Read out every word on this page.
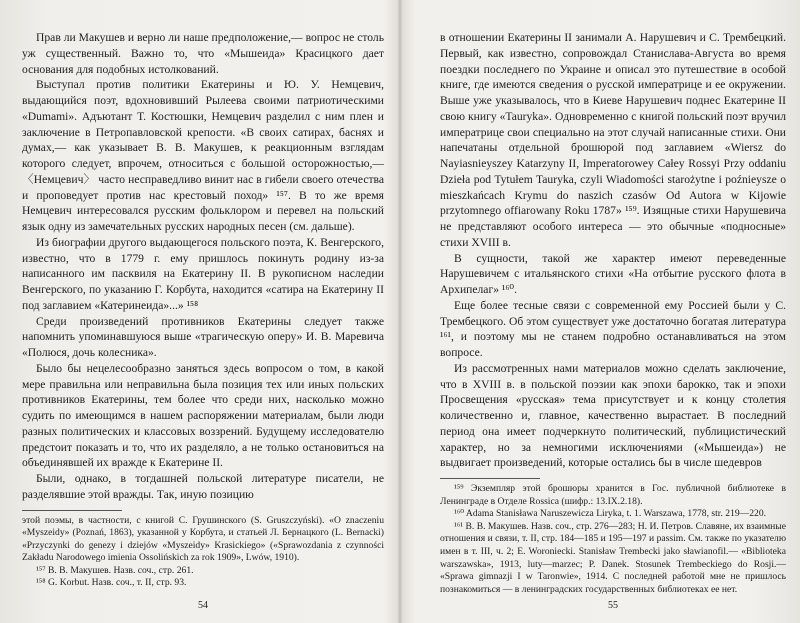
Прав ли Макушев и верно ли наше предположение,— вопрос не столь уж существенный. Важно то, что «Мышеида» Красицкого дает основания для подобных истолкований.

Выступал против политики Екатерины и Ю. У. Немцевич, выдающийся поэт, вдохновивший Рылеева своими патриотическими «Dumami». Адъютант Т. Костюшки, Немцевич разделил с ним плен и заключение в Петропавловской крепости. «В своих сатирах, баснях и думах,— как указывает В. В. Макушев, к реакционным взглядам которого следует, впрочем, относиться с большой осторожностью,—〈Немцевич〉 часто несправедливо винит нас в гибели своего отечества и проповедует против нас крестовый поход» ¹⁵⁷. В то же время Немцевич интересовался русским фольклором и перевел на польский язык одну из замечательных русских народных песен (см. дальше).

Из биографии другого выдающегося польского поэта, К. Венгерского, известно, что в 1779 г. ему пришлось покинуть родину из-за написанного им пасквиля на Екатерину II. В рукописном наследии Венгерского, по указанию Г. Корбута, находится «сатира на Екатерину II под заглавием «Катеринеида»...» ¹⁵⁸

Среди произведений противников Екатерины следует также напомнить упоминавшуюся выше «трагическую оперу» И. В. Маревича «Полюся, дочь колесника».

Было бы нецелесообразно заняться здесь вопросом о том, в какой мере правильна или неправильна была позиция тех или иных польских противников Екатерины, тем более что среди них, насколько можно судить по имеющимся в нашем распоряжении материалам, были люди разных политических и классовых воззрений. Будущему исследователю предстоит показать и то, что их разделяло, а не только остановиться на объединявшей их вражде к Екатерине II.

Были, однако, в тогдашней польской литературе писатели, не разделявшие этой вражды. Так, иную позицию

этой поэмы, в частности, с книгой С. Грушинского (S. Gruszczyński). «O znaczeniu «Myszeidy» (Poznań, 1863), указанной у Корбута, и статьей Л. Бернацкого (L. Bernacki) «Przyczynki do genezy i dziejów «Myszeidy» Krasickiego» («Sprawozdania z czynności Zakładu Narodowego imienia Ossolińskich za rok 1909», Lwów, 1910).

¹⁵⁷ В. В. Макушев. Назв. соч., стр. 261.

¹⁵⁸ G. Korbut. Назв. соч., т. II, стр. 93.

54

в отношении Екатерины II занимали А. Нарушевич и С. Трембецкий. Первый, как известно, сопровождал Станислава-Августа во время поездки последнего по Украине и описал это путешествие в особой книге, где имеются сведения о русской императрице и ее окружении. Выше уже указывалось, что в Киеве Нарушевич поднес Екатерине II свою книгу «Tauryka». Одновременно с книгой польский поэт вручил императрице свои специально на этот случай написанные стихи. Они напечатаны отдельной брошюрой под заглавием «Wiersz do Nayiasnieyszey Katarzyny II, Imperatorowey Całey Rossyi Przy oddaniu Dzieła pod Tytułem Tauryka, czyli Wiadomości starożytne i poźnieysze o mieszkańcach Krymu do naszich czasów Od Autora w Kijowie przytomnego offiarowany Roku 1787» ¹⁵⁹. Изящные стихи Нарушевича не представляют особого интереса — это обычные «подносные» стихи XVIII в.

В сущности, такой же характер имеют переведенные Нарушевичем с итальянского стихи «На отбытие русского флота в Архипелаг» ¹⁶⁰.

Еще более тесные связи с современной ему Россией были у С. Трембецкого. Об этом существует уже достаточно богатая литература ¹⁶¹, и поэтому мы не станем подробно останавливаться на этом вопросе.

Из рассмотренных нами материалов можно сделать заключение, что в XVIII в. в польской поэзии как эпохи барокко, так и эпохи Просвещения «русская» тема присутствует и к концу столетия количественно и, главное, качественно вырастает. В последний период она имеет подчеркнуто политический, публицистический характер, но за немногими исключениями («Мышеида») не выдвигает произведений, которые остались бы в числе шедевров

¹⁵⁹ Экземпляр этой брошюры хранится в Гос. публичной библиотеке в Ленинграде в Отделе Rossica (шифр.: 13.IX.2.18).

¹⁶⁰ Adama Stanisława Naruszewicza Liryka, t. 1. Warszawa, 1778, str. 219—220.

¹⁶¹ В. В. Макушев. Назв. соч., стр. 276—283; Н. И. Петров. Славяне, их взаимные отношения и связи, т. II, стр. 184—185 и 195—197 и passim. См. также по указателю имен в т. III, ч. 2; E. Woroniecki. Stanisław Trembecki jako sławianofil.— «Biblioteka warszawska», 1913, luty—marzec; P. Danek. Stosunek Trembeckiego do Rosji.— «Sprawa gimnazji I w Taronwie», 1914. С последней работой мне не пришлось познакомиться — в ленинградских государственных библиотеках ее нет.

55
